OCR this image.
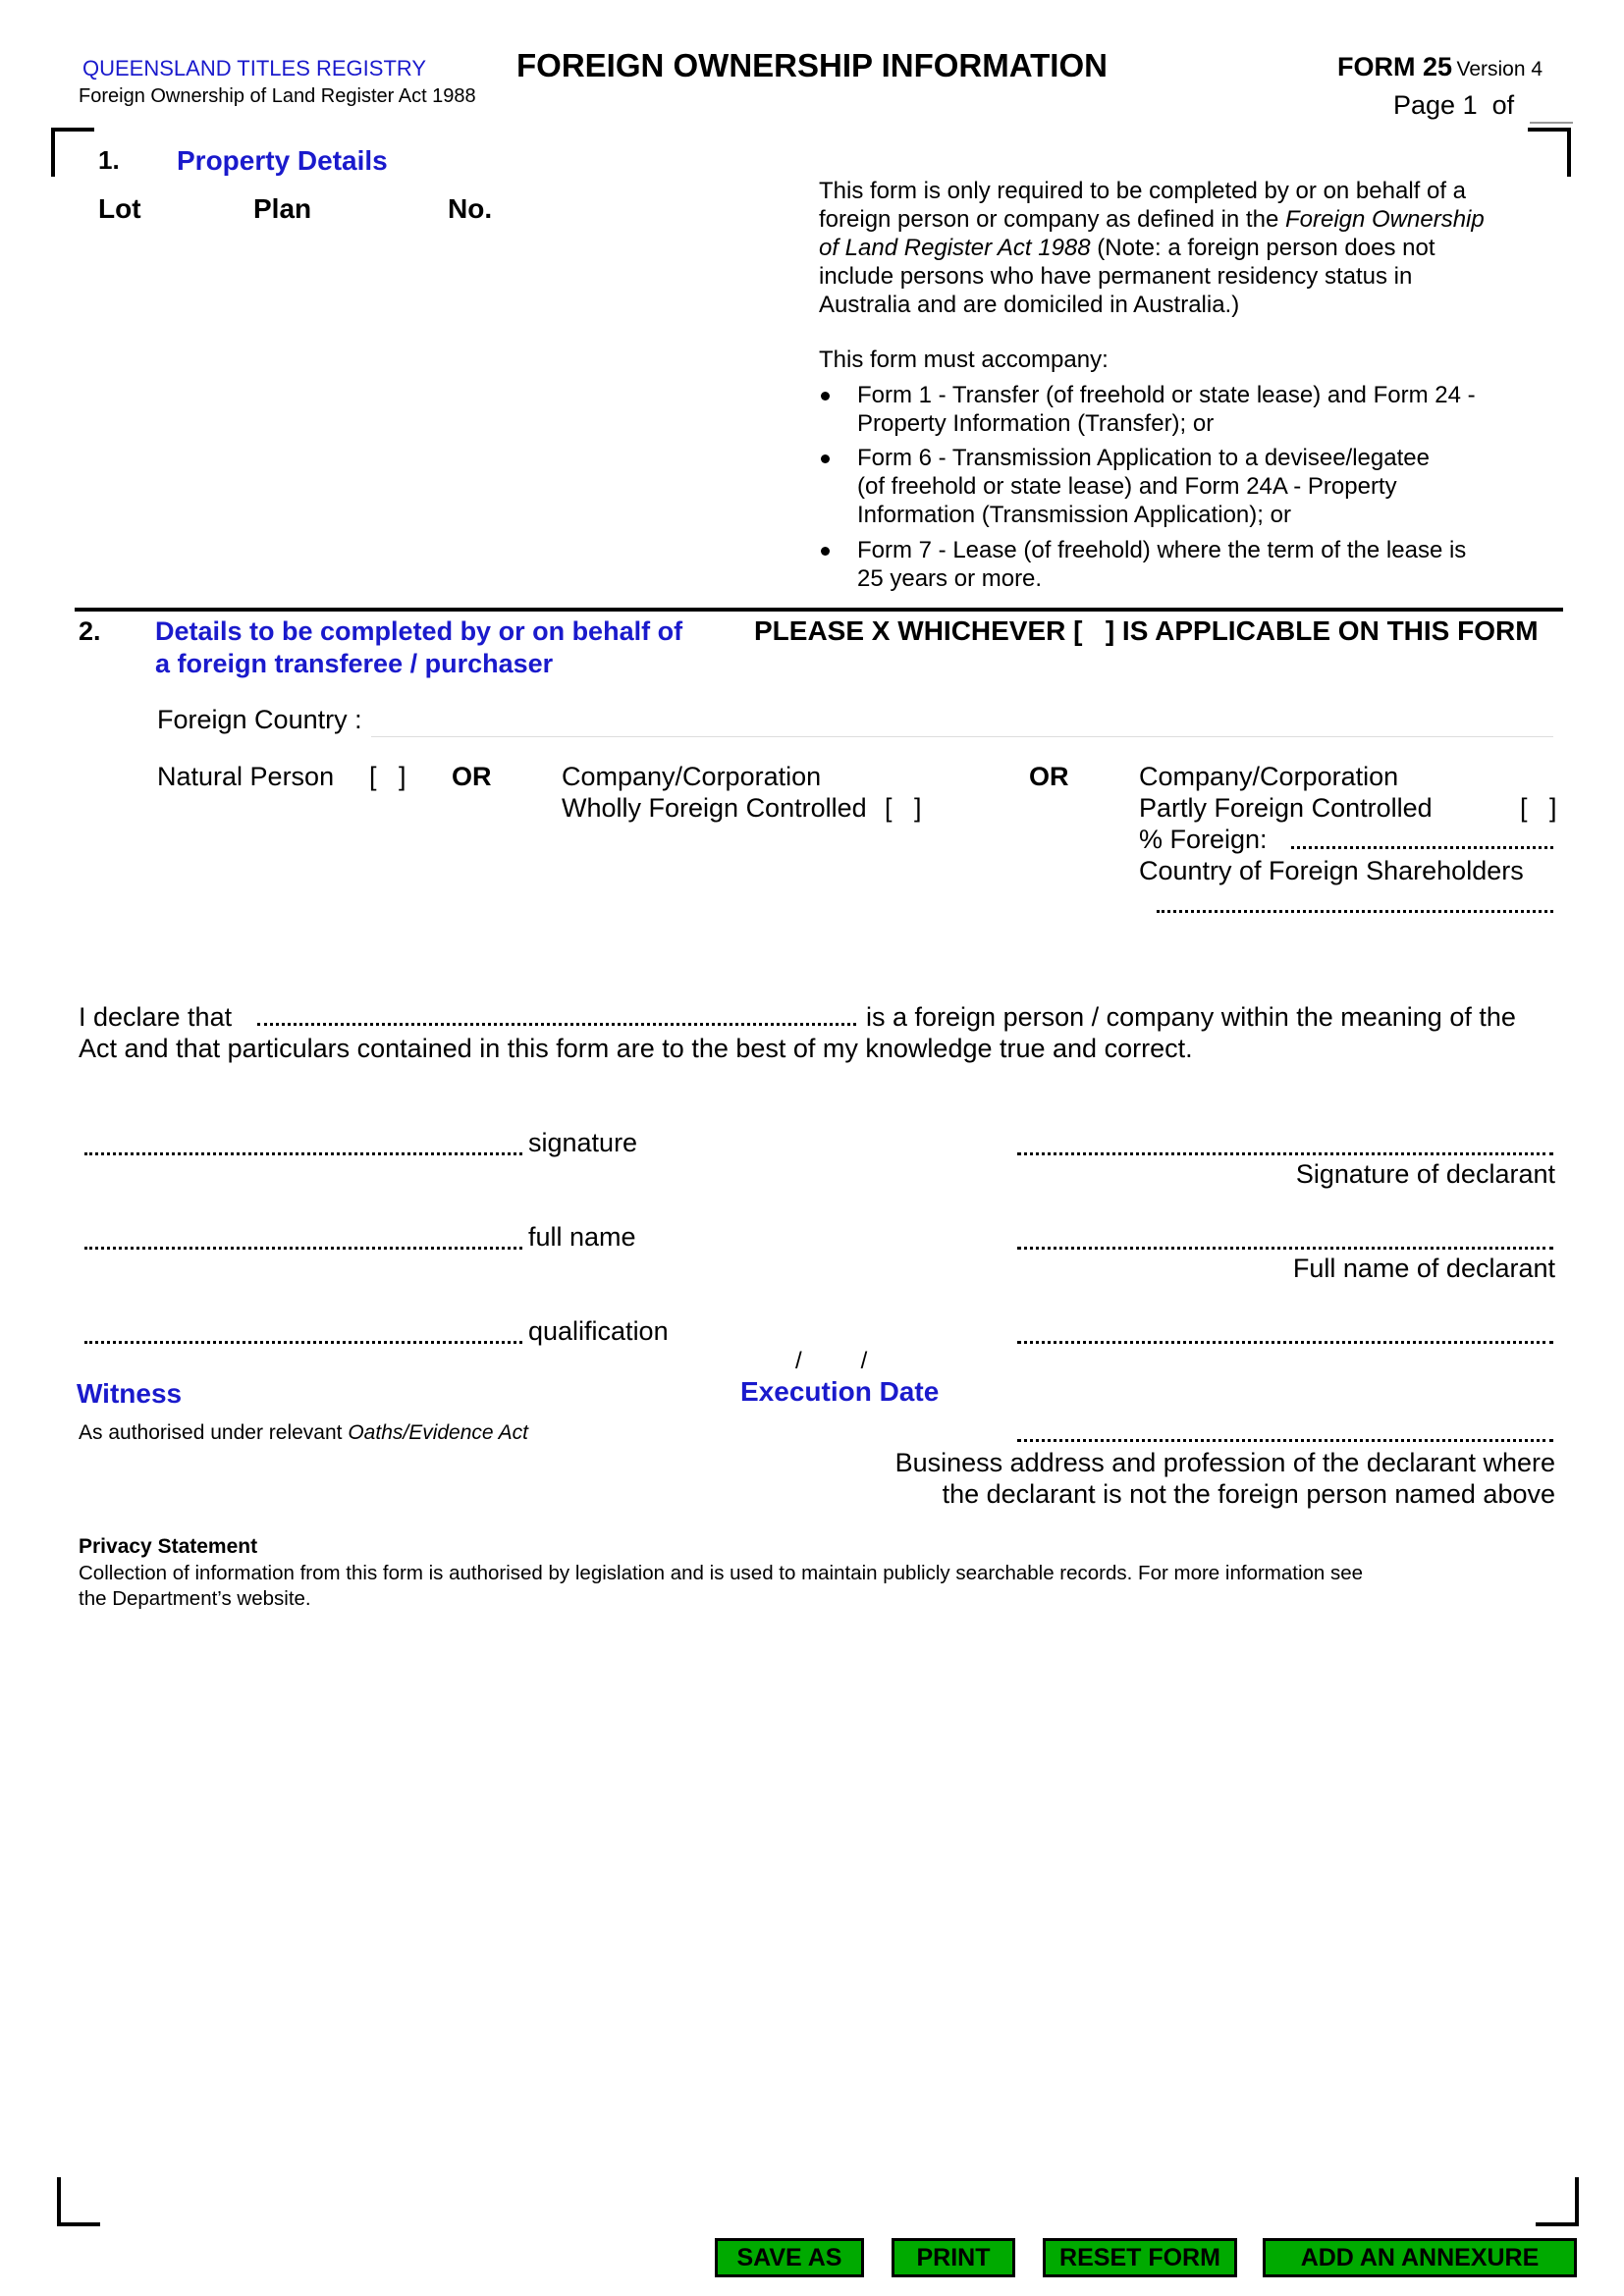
QUEENSLAND TITLES REGISTRY
Foreign Ownership of Land Register Act 1988
FOREIGN OWNERSHIP INFORMATION	FORM 25 Version 4
Page 1 of
1. Property Details
Lot	Plan	No.
This form is only required to be completed by or on behalf of a
foreign person or company as defined in the Foreign Ownership
of Land Register Act 1988 (Note: a foreign person does not
include persons who have permanent residency status in
Australia and are domiciled in Australia.)
This form must accompany:
Form 1 - Transfer (of freehold or state lease) and Form 24 -
Property Information (Transfer); or
Form 6 - Transmission Application to a devisee/legatee
(of freehold or state lease) and Form 24A - Property
Information (Transmission Application); or
Form 7 - Lease (of freehold) where the term of the lease is
25 years or more.
2. Details to be completed by or on behalf of
a foreign transferee / purchaser
PLEASE X WHICHEVER [   ] IS APPLICABLE ON THIS FORM
Foreign Country :
Natural Person [   ] OR	Company/Corporation
Wholly Foreign Controlled [   ]
OR	Company/Corporation
Partly Foreign Controlled
% Foreign:
Country of Foreign Shareholders
[   ]
I declare that	is a foreign person / company within the meaning of the
Act and that particulars contained in this form are to the best of my knowledge true and correct.
signature
Signature of declarant
full name
Full name of declarant
qualification
/         /
Witness	Execution Date
As authorised under relevant Oaths/Evidence Act
Business address and profession of the declarant where
the declarant is not the foreign person named above
Privacy Statement
Collection of information from this form is authorised by legislation and is used to maintain publicly searchable records. For more information see
the Department’s website.
SAVE AS	PRINT	RESET FORM	ADD AN ANNEXURE
